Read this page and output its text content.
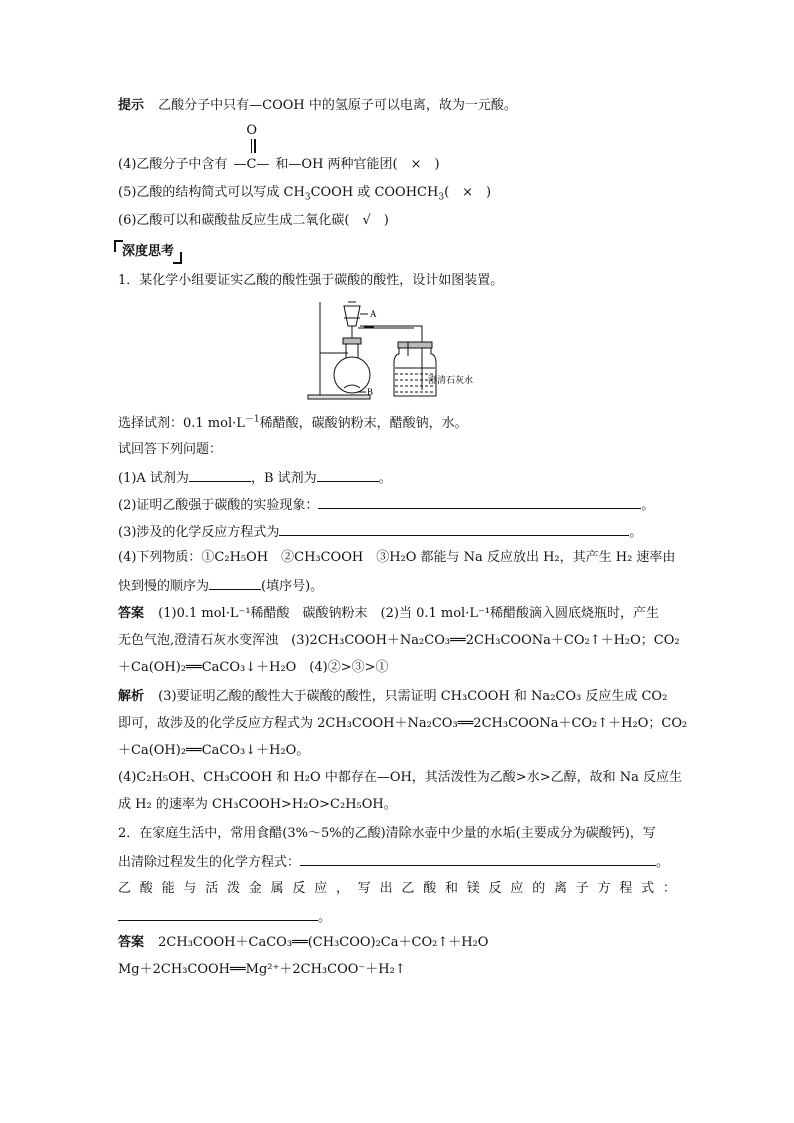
提示 乙酸分子中只有—COOH 中的氢原子可以电离，故为一元酸。
(4)乙酸分子中含有
O
—C— 和—OH 两种官能团(　×　)
(5)乙酸的结构简式可以写成 $CH_3COOH$ 或 $COOHCH_3$(　×　)
(6)乙酸可以和碳酸盐反应生成二氧化碳(　√　)
深度思考
1．某化学小组要证实乙酸的酸性强于碳酸的酸性，设计如图装置。
A
B
澄清石灰水
选择试剂：0.1 $mol\cdot L^{-1}$稀醋酸，碳酸钠粉末，醋酸钠，水。
试回答下列问题：
(1)A 试剂为	，B 试剂为	。
(2)证明乙酸强于碳酸的实验现象：	。
(3)涉及的化学反应方程式为	。
(4)下列物质：①C₂H₅OH　②CH₃COOH　③H₂O 都能与 Na 反应放出 H₂，其产生 H₂ 速率由
快到慢的顺序为	(填序号)。
答案 (1)0.1 mol·L⁻¹稀醋酸　碳酸钠粉末　(2)当 0.1 mol·L⁻¹稀醋酸滴入圆底烧瓶时，产生
无色气泡,澄清石灰水变浑浊　(3)2CH₃COOH＋Na₂CO₃══2CH₃COONa＋CO₂↑＋H₂O；CO₂
＋Ca(OH)₂══CaCO₃↓＋H₂O　(4)②>③>①
解析 (3)要证明乙酸的酸性大于碳酸的酸性，只需证明 CH₃COOH 和 Na₂CO₃ 反应生成 CO₂
即可，故涉及的化学反应方程式为 2CH₃COOH＋Na₂CO₃══2CH₃COONa＋CO₂↑＋H₂O；CO₂
＋Ca(OH)₂══CaCO₃↓＋H₂O。
(4)C₂H₅OH、CH₃COOH 和 H₂O 中都存在—OH，其活泼性为乙酸>水>乙醇，故和 Na 反应生
成 H₂ 的速率为 CH₃COOH>H₂O>C₂H₅OH。
2．在家庭生活中，常用食醋(3%～5%的乙酸)清除水壶中少量的水垢(主要成分为碳酸钙)，写
出清除过程发生的化学方程式：	。
乙酸能与活泼金属反应，写出乙酸和镁反应的离子方程式：
。
答案 2CH₃COOH＋CaCO₃══(CH₃COO)₂Ca＋CO₂↑＋H₂O
Mg＋2CH₃COOH══Mg²⁺＋2CH₃COO⁻＋H₂↑
